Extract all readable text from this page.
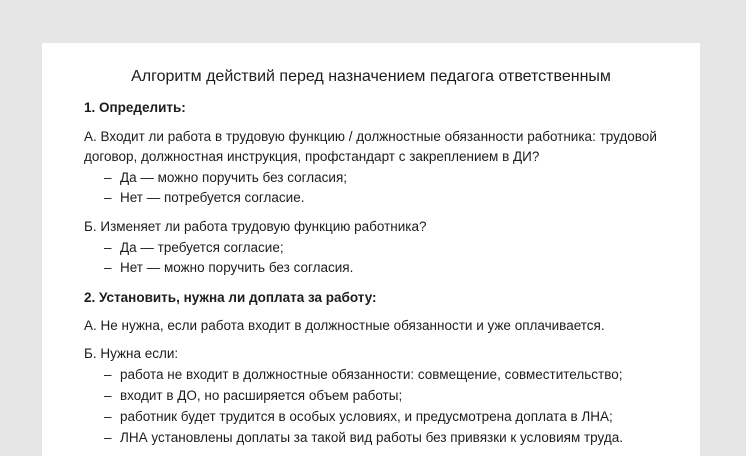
Алгоритм действий перед назначением педагога ответственным
1. Определить:
А. Входит ли работа в трудовую функцию / должностные обязанности работника: трудовой
договор, должностная инструкция, профстандарт с закреплением в ДИ?
– Да — можно поручить без согласия;
– Нет — потребуется согласие.
Б. Изменяет ли работа трудовую функцию работника?
– Да — требуется согласие;
– Нет — можно поручить без согласия.
2. Установить, нужна ли доплата за работу:
А. Не нужна, если работа входит в должностные обязанности и уже оплачивается.
Б. Нужна если:
– работа не входит в должностные обязанности: совмещение, совместительство;
– входит в ДО, но расширяется объем работы;
– работник будет трудится в особых условиях, и предусмотрена доплата в ЛНА;
– ЛНА установлены доплаты за такой вид работы без привязки к условиям труда.
